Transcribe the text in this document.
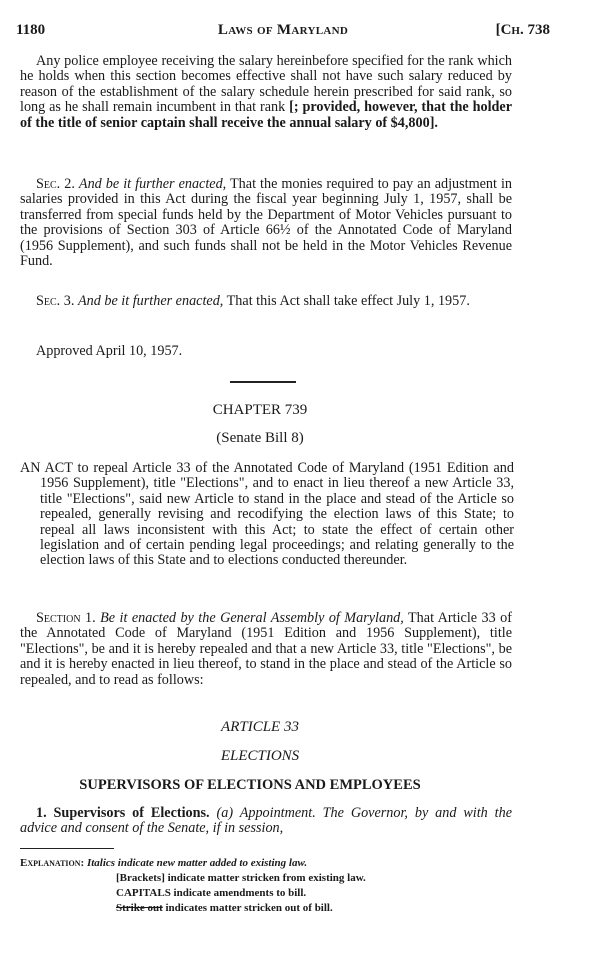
1180	Laws of Maryland	[Ch. 738

Any police employee receiving the salary hereinbefore specified for the rank which he holds when this section becomes effective shall not have such salary reduced by reason of the establishment of the salary schedule herein prescribed for said rank, so long as he shall remain incumbent in that rank [; provided, however, that the holder of the title of senior captain shall receive the annual salary of $4,800].

Sec. 2. And be it further enacted, That the monies required to pay an adjustment in salaries provided in this Act during the fiscal year beginning July 1, 1957, shall be transferred from special funds held by the Department of Motor Vehicles pursuant to the provisions of Section 303 of Article 66½ of the Annotated Code of Maryland (1956 Supplement), and such funds shall not be held in the Motor Vehicles Revenue Fund.

Sec. 3. And be it further enacted, That this Act shall take effect July 1, 1957.

Approved April 10, 1957.

CHAPTER 739
(Senate Bill 8)
AN ACT to repeal Article 33 of the Annotated Code of Maryland (1951 Edition and 1956 Supplement), title "Elections", and to enact in lieu thereof a new Article 33, title "Elections", said new Article to stand in the place and stead of the Article so repealed, generally revising and recodifying the election laws of this State; to repeal all laws inconsistent with this Act; to state the effect of certain other legislation and of certain pending legal proceedings; and relating generally to the election laws of this State and to elections conducted thereunder.

Section 1. Be it enacted by the General Assembly of Maryland, That Article 33 of the Annotated Code of Maryland (1951 Edition and 1956 Supplement), title "Elections", be and it is hereby repealed and that a new Article 33, title "Elections", be and it is hereby enacted in lieu thereof, to stand in the place and stead of the Article so repealed, and to read as follows:

ARTICLE 33
ELECTIONS
SUPERVISORS OF ELECTIONS AND EMPLOYEES

1. Supervisors of Elections. (a) Appointment. The Governor, by and with the advice and consent of the Senate, if in session,

Explanation: Italics indicate new matter added to existing law.
[Brackets] indicate matter stricken from existing law.
CAPITALS indicate amendments to bill.
Strike out indicates matter stricken out of bill.
